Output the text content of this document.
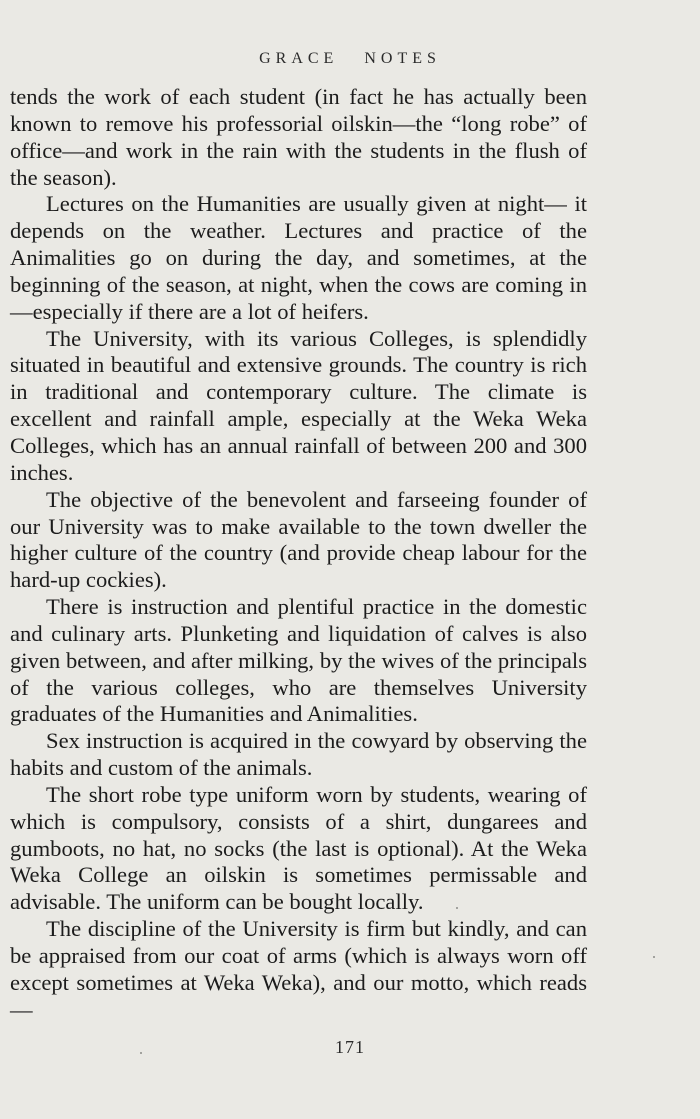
GRACE NOTES

tends the work of each student (in fact he has actually been known to remove his professorial oilskin—the “long robe” of office—and work in the rain with the students in the flush of the season).

Lectures on the Humanities are usually given at night— it depends on the weather. Lectures and practice of the Animalities go on during the day, and sometimes, at the beginning of the season, at night, when the cows are coming in—especially if there are a lot of heifers.

The University, with its various Colleges, is splendidly situated in beautiful and extensive grounds. The country is rich in traditional and contemporary culture. The climate is excellent and rainfall ample, especially at the Weka Weka Colleges, which has an annual rainfall of between 200 and 300 inches.

The objective of the benevolent and farseeing founder of our University was to make available to the town dweller the higher culture of the country (and provide cheap labour for the hard-up cockies).

There is instruction and plentiful practice in the domestic and culinary arts. Plunketing and liquidation of calves is also given between, and after milking, by the wives of the principals of the various colleges, who are themselves University graduates of the Humanities and Animalities.

Sex instruction is acquired in the cowyard by observing the habits and custom of the animals.

The short robe type uniform worn by students, wearing of which is compulsory, consists of a shirt, dungarees and gumboots, no hat, no socks (the last is optional). At the Weka Weka College an oilskin is sometimes permissable and advisable. The uniform can be bought locally.

The discipline of the University is firm but kindly, and can be appraised from our coat of arms (which is always worn off except sometimes at Weka Weka), and our motto, which reads—

171
